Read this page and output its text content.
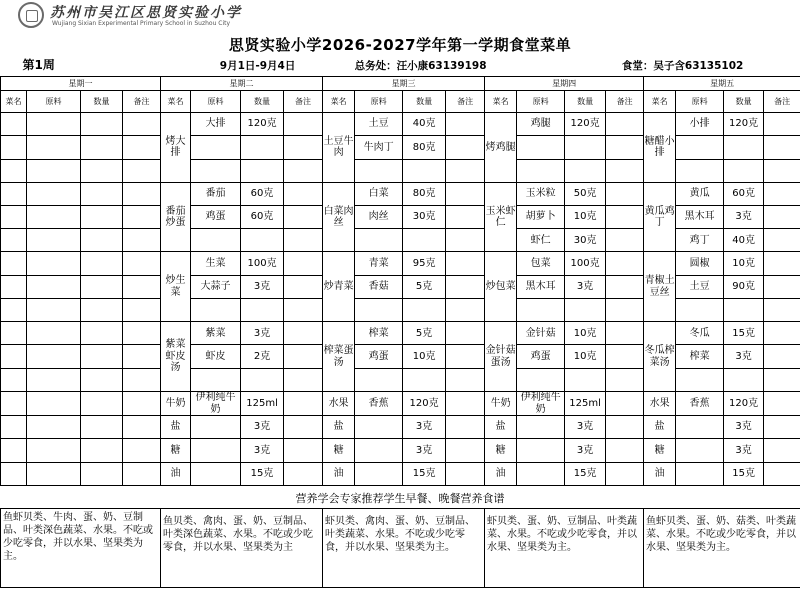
苏州市吴江区思贤实验小学
Wujiang Sixian Experimental Primary School in Suzhou City
思贤实验小学2026-2027学年第一学期食堂菜单
第1周				9月1日-9月4日					总务处：汪小康63139198					食堂：吴子含63135102					
星期一				星期二				星期三				星期四				星期五			
菜名	原料	数量	备注	菜名	原料	数量	备注	菜名	原料	数量	备注	菜名	原料	数量	备注	菜名	原料	数量	备注
				烤大排	大排	120克		土豆牛肉	土豆	40克		烤鸡腿	鸡腿	120克		糖醋小排	小排	120克	
									牛肉丁	80克									

				番茄炒蛋	番茄	60克		白菜肉丝	白菜	80克		玉米虾仁	玉米粒	50克		黄瓜鸡丁	黄瓜	60克	
					鸡蛋	60克			肉丝	30克			胡萝卜	10克			黑木耳	3克	
													虾仁	30克			鸡丁	40克	
				炒生菜	生菜	100克		炒青菜	青菜	95克		炒包菜	包菜	100克		青椒土豆丝	圆椒	10克	
					大蒜子	3克			香菇	5克			黑木耳	3克			土豆	90克	

				紫菜虾皮汤	紫菜	3克		榨菜蛋汤	榨菜	5克		金针菇蛋汤	金针菇	10克		冬瓜榨菜汤	冬瓜	15克	
					虾皮	2克			鸡蛋	10克			鸡蛋	10克			榨菜	3克	

				牛奶	伊利纯牛奶	125ml		水果	香蕉	120克		牛奶	伊利纯牛奶	125ml		水果	香蕉	120克	
				盐		3克		盐		3克		盐		3克		盐		3克	
				糖		3克		糖		3克		糖		3克		糖		3克	
				油		15克		油		15克		油		15克		油		15克	
营养学会专家推荐学生早餐、晚餐营养食谱
鱼虾贝类、牛肉、蛋、奶、豆制品、叶类深色蔬菜、水果。不吃或少吃零食，并以水果、坚果类为主。	鱼贝类、禽肉、蛋、奶、豆制品、叶类深色蔬菜、水果。不吃或少吃零食，并以水果、坚果类为主	虾贝类、禽肉、蛋、奶、豆制品、叶类蔬菜、水果。不吃或少吃零食，并以水果、坚果类为主。	虾贝类、蛋、奶、豆制品、叶类蔬菜、水果。不吃或少吃零食，并以水果、坚果类为主。	鱼虾贝类、蛋、奶、菇类、叶类蔬菜、水果。不吃或少吃零食，并以水果、坚果类为主。
